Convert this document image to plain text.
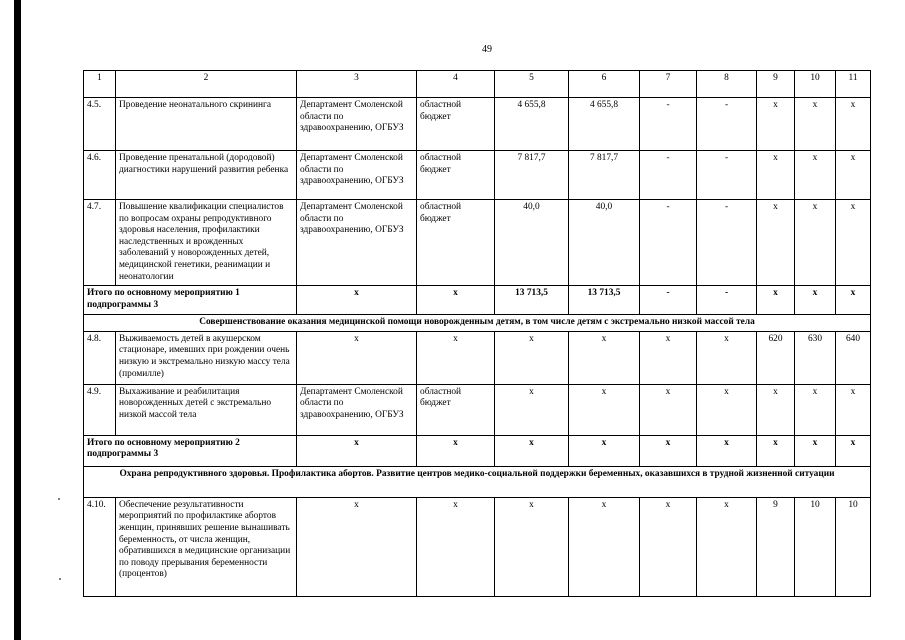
49
1	2	3	4	5	6	7	8	9	10	11
4.5.	Проведение неонатального скрининга	Департамент Смоленской области по здравоохранению, ОГБУЗ	областной бюджет	4 655,8	4 655,8	-	-	х	х	х
4.6.	Проведение пренатальной (дородовой) диагностики нарушений развития ребенка	Департамент Смоленской области по здравоохранению, ОГБУЗ	областной бюджет	7 817,7	7 817,7	-	-	х	х	х
4.7.	Повышение квалификации специалистов по вопросам охраны репродуктивного здоровья населения, профилактики наследственных и врожденных заболеваний у новорожденных детей, медицинской генетики, реанимации и неонатологии	Департамент Смоленской области по здравоохранению, ОГБУЗ	областной бюджет	40,0	40,0	-	-	х	х	х
Итого по основному мероприятию 1 подпрограммы 3		х	х	13 713,5	13 713,5	-	-	х	х	х
Совершенствование оказания медицинской помощи новорожденным детям, в том числе детям с экстремально низкой массой тела										
4.8.	Выживаемость детей в акушерском стационаре, имевших при рождении очень низкую и экстремально низкую массу тела (промилле)	х	х	х	х	х	х	620	630	640
4.9.	Выхаживание и реабилитация новорожденных детей с экстремально низкой массой тела	Департамент Смоленской области по здравоохранению, ОГБУЗ	областной бюджет	х	х	х	х	х	х	х
Итого по основному мероприятию 2 подпрограммы 3		х	х	х	х	х	х	х	х	х
Охрана репродуктивного здоровья. Профилактика абортов. Развитие центров медико-социальной поддержки беременных, оказавшихся в трудной жизненной ситуации										
4.10.	Обеспечение результативности мероприятий по профилактике абортов женщин, принявших решение вынашивать беременность, от числа женщин, обратившихся в медицинские организации по поводу прерывания беременности (процентов)	х	х	х	х	х	х	9	10	10
